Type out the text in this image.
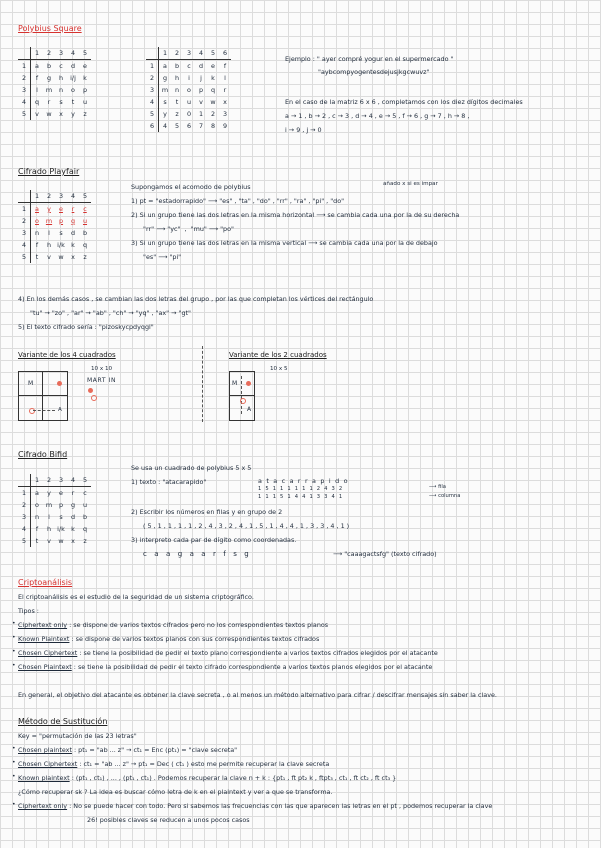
Polybius Square
	1	2	3	4	5
1	a	b	c	d	e
2	f	g	h	i/j	k
3	l	m	n	o	p
4	q	r	s	t	u
5	v	w	x	y	z
	1	2	3	4	5	6
1	a	b	c	d	e	f
2	g	h	i	j	k	l
3	m	n	o	p	q	r
4	s	t	u	v	w	x
5	y	z	0	1	2	3
6	4	5	6	7	8	9
Ejemplo : " ayer compré yogur en el supermercado "
"aybcompyogentesdejusjkgcwuvz"
En el caso de la matriz 6 x 6 , completamos con los diez dígitos decimales
a → 1 , b → 2 , c → 3 , d → 4 , e → 5 , f → 6 , g → 7 , h → 8 ,
i → 9 , j → 0
Cifrado Playfair
	1	2	3	4	5
1	a	y	e	r	c
2	o	m	p	g	u
3	n	l	s	d	b
4	f	h	i/k	k	q
5	t	v	w	x	z
Supongamos el acomodo de polybius	añado x si es impar
1) pt = "estadorrapido" ⟶ "es" , "ta" , "do" , "rr" , "ra" , "pi" , "do"
2) Si un grupo tiene las dos letras en la misma horizontal ⟶ se cambia cada una por la de su derecha
"rr" ⟶ "yc"  ,  "mu" ⟶ "po"
3) Si un grupo tiene las dos letras en la misma vertical ⟶ se cambia cada una por la de debajo
"es" ⟶ "pi"
4) En los demás casos , se cambian las dos letras del grupo , por las que completan los vértices del rectángulo
"tu" → "zo" , "ar" → "ab" , "ch" → "yq" , "ax" → "gt"
5) El texto cifrado sería : "pizoskycpdyqgl"
Variante de los 4 cuadrados	Variante de los 2 cuadrados
10 x 10
M
A
MART IN
10 x 5
M
A
Cifrado Bifid
	1	2	3	4	5
1	a	y	e	r	c
2	o	m	p	g	u
3	n	l	s	d	b
4	f	h	i/k	k	q
5	t	v	w	x	z
Se usa un cuadrado de polybius 5 x 5
1) texto : "atacarapido"	a t a c a r r a p i d o
1 5 1 1 1 1 1 1 2 4 3 2
1 1 1 5 1 4 4 1 3 3 4 1
⟶ fila
⟶ columna
2) Escribir los números en filas y en grupo de 2
( 5 , 1 , 1 , 1 , 1 , 2 , 4 , 3 , 2 , 4 , 1 , 5 , 1 , 4 , 4 , 1 , 3 , 3 , 4 , 1 )
3) interpreto cada par de dígito como coordenadas.
c a a g a a r f s g	⟶ "caaagactsfg" (texto cifrado)
Criptoanálisis
El criptoanálisis es el estudio de la seguridad de un sistema criptográfico.
Tipos :
• Ciphertext only : se dispone de varios textos cifrados pero no los correspondientes textos planos
• Known Plaintext : se dispone de varios textos planos con sus correspondientes textos cifrados
• Chosen Ciphertext : se tiene la posibilidad de pedir el texto plano correspondiente a varios textos cifrados elegidos por el atacante
• Chosen Plaintext : se tiene la posibilidad de pedir el texto cifrado correspondiente a varios textos planos elegidos por el atacante
En general, el objetivo del atacante es obtener la clave secreta , o al menos un método alternativo para cifrar / descifrar mensajes sin saber la clave.
Método de Sustitución
Key = "permutación de las 23 letras"
• Chosen plaintext : pt₁ = "ab ... z" → ct₁ = Enc (pt₁) = "clave secreta"
• Chosen Ciphertext : ct₁ = "ab ... z" → pt₁ = Dec ( ct₁ ) esto me permite recuperar la clave secreta
• Known plaintext : (pt₁ , ct₁) , ... , (pt₁ , ct₁) . Podemos recuperar la clave n + k : {pt₁ , ft pt₂ k , ftpt₃ , ct₁ , ft ct₂ , ft ct₃ }
¿Cómo recuperar sk ? La idea es buscar cómo letra de k en el plaintext y ver a que se transforma.
• Ciphertext only : No se puede hacer con todo. Pero si sabemos las frecuencias con las que aparecen las letras en el pt , podemos recuperar la clave
26! posibles claves se reducen a unos pocos casos
